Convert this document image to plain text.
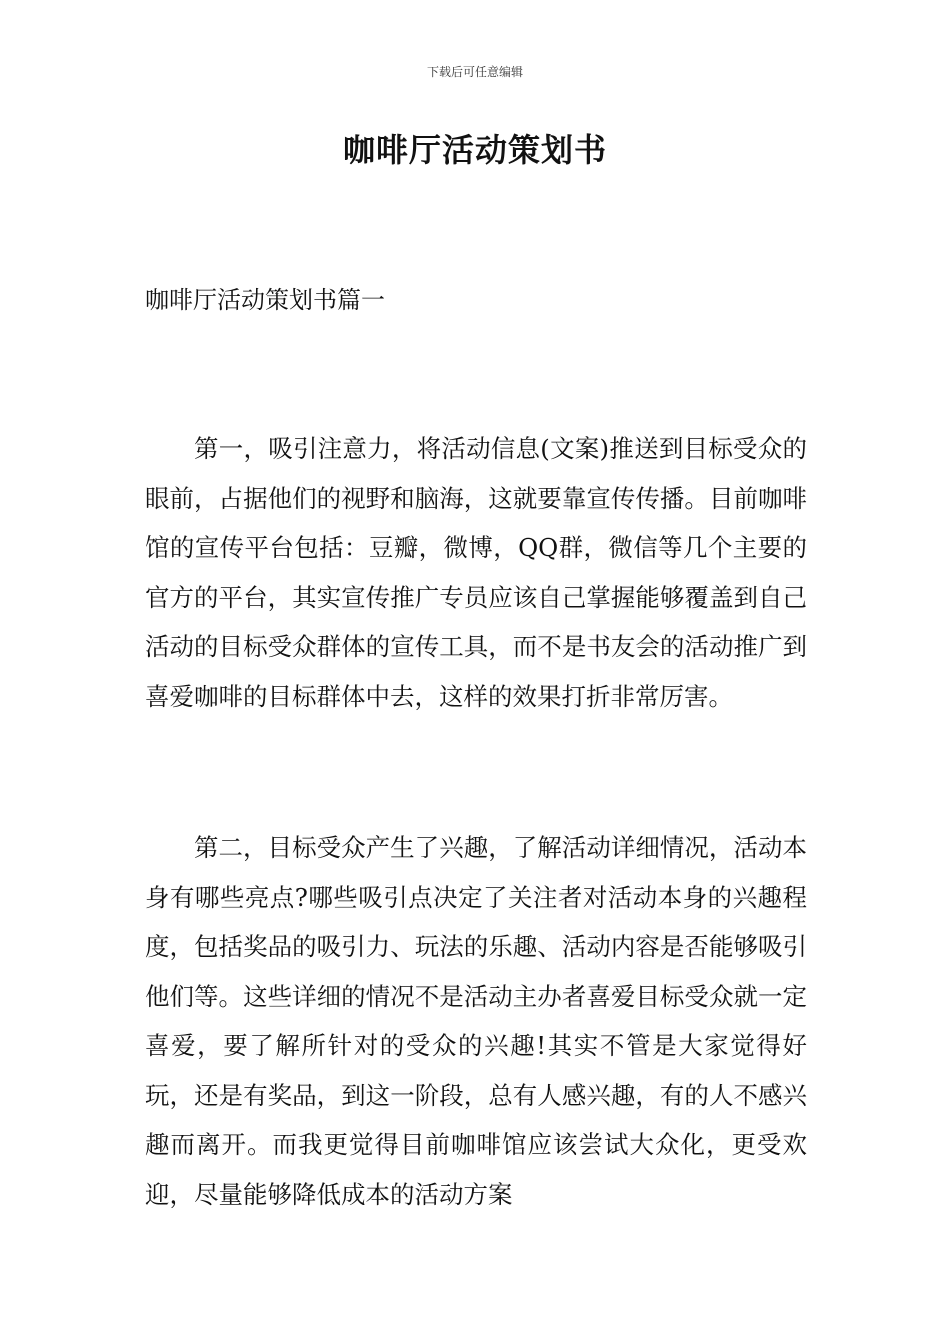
下载后可任意编辑
咖啡厅活动策划书
咖啡厅活动策划书篇一

第一，吸引注意力，将活动信息(文案)推送到目标受众的眼前，占据他们的视野和脑海，这就要靠宣传传播。目前咖啡馆的宣传平台包括：豆瓣，微博，QQ群，微信等几个主要的官方的平台，其实宣传推广专员应该自己掌握能够覆盖到自己活动的目标受众群体的宣传工具，而不是书友会的活动推广到喜爱咖啡的目标群体中去，这样的效果打折非常厉害。

第二，目标受众产生了兴趣，了解活动详细情况，活动本身有哪些亮点?哪些吸引点决定了关注者对活动本身的兴趣程度，包括奖品的吸引力、玩法的乐趣、活动内容是否能够吸引他们等。这些详细的情况不是活动主办者喜爱目标受众就一定喜爱，要了解所针对的受众的兴趣!其实不管是大家觉得好玩，还是有奖品，到这一阶段，总有人感兴趣，有的人不感兴趣而离开。而我更觉得目前咖啡馆应该尝试大众化，更受欢迎，尽量能够降低成本的活动方案
